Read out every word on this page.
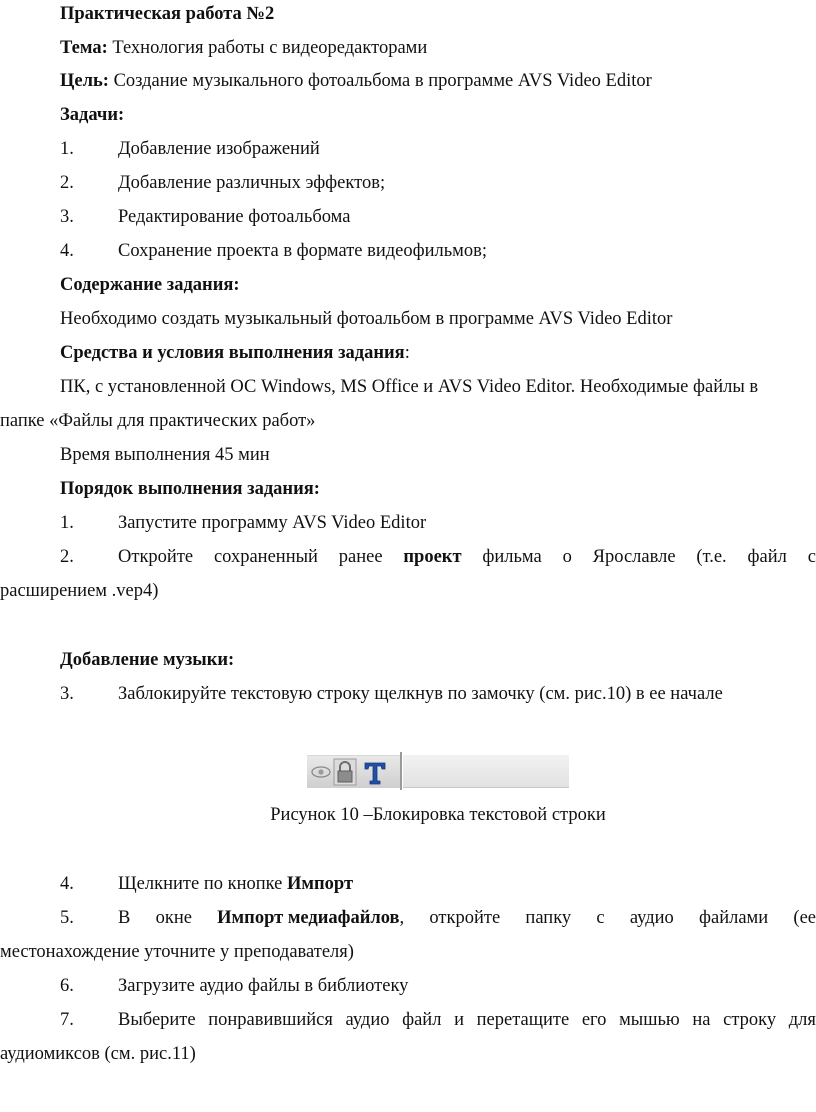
Практическая работа №2
Тема: Технология работы с видеоредакторами
Цель: Создание музыкального фотоальбома в программе AVS Video Editor
Задачи:
1. Добавление изображений
2. Добавление различных эффектов;
3. Редактирование фотоальбома
4. Сохранение проекта в формате видеофильмов;
Содержание задания:
Необходимо создать музыкальный фотоальбом в программе AVS Video Editor
Средства и условия выполнения задания:
ПК, с установленной ОС Windows, MS Office и AVS Video Editor. Необходимые файлы в
папке «Файлы для практических работ»
Время выполнения 45 мин
Порядок выполнения задания:
1. Запустите программу AVS Video Editor
2. Откройте сохраненный ранее проект фильма о Ярославле (т.е. файл с
расширением .vep4)
Добавление музыки:
3. Заблокируйте текстовую строку щелкнув по замочку (см. рис.10) в ее начале
Рисунок 10 –Блокировка текстовой строки
4. Щелкните по кнопке Импорт
5. В окне Импорт медиафайлов, откройте папку с аудио файлами (ее
местонахождение уточните у преподавателя)
6. Загрузите аудио файлы в библиотеку
7. Выберите понравившийся аудио файл и перетащите его мышью на строку для
аудиомиксов (см. рис.11)
